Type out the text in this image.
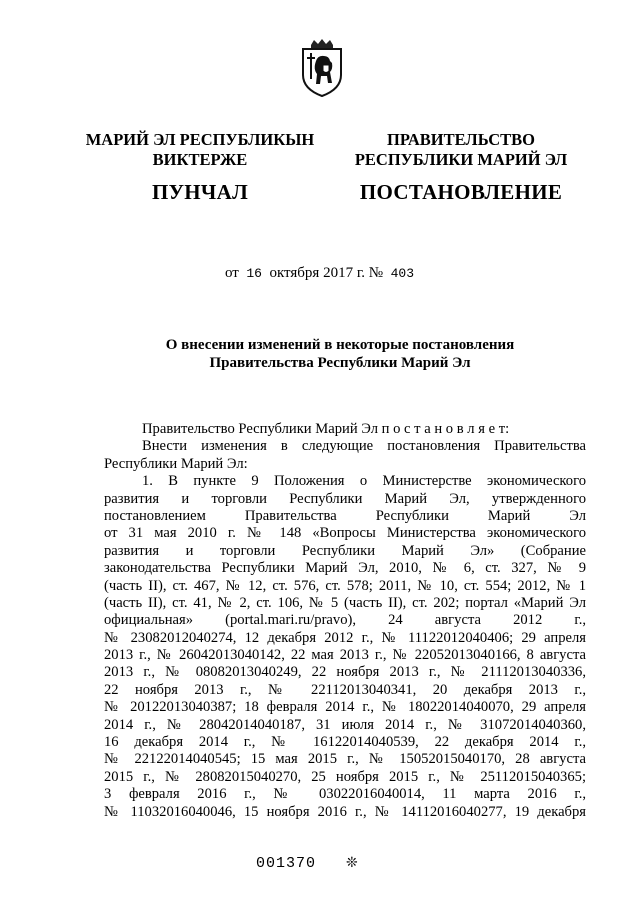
МАРИЙ ЭЛ РЕСПУБЛИКЫН
ВИКТЕРЖЕ
ПУНЧАЛ
ПРАВИТЕЛЬСТВО
РЕСПУБЛИКИ МАРИЙ ЭЛ
ПОСТАНОВЛЕНИЕ
от 16 октября 2017 г. № 403
О внесении изменений в некоторые постановления
Правительства Республики Марий Эл
Правительство Республики Марий Эл п о с т а н о в л я е т:
Внести изменения в следующие постановления Правительства
Республики Марий Эл:
1. В пункте 9 Положения о Министерстве экономического
развития и торговли Республики Марий Эл, утвержденного
постановлением Правительства Республики Марий Эл
от 31 мая 2010 г. № 148 «Вопросы Министерства экономического
развития и торговли Республики Марий Эл» (Собрание
законодательства Республики Марий Эл, 2010, № 6, ст. 327, № 9
(часть II), ст. 467, № 12, ст. 576, ст. 578; 2011, № 10, ст. 554; 2012, № 1
(часть II), ст. 41, № 2, ст. 106, № 5 (часть II), ст. 202; портал «Марий Эл
официальная» (portal.mari.ru/pravo), 24 августа 2012 г.,
№ 23082012040274, 12 декабря 2012 г., № 11122012040406; 29 апреля
2013 г., № 26042013040142, 22 мая 2013 г., № 22052013040166, 8 августа
2013 г., № 08082013040249, 22 ноября 2013 г., № 21112013040336,
22 ноября 2013 г., № 22112013040341, 20 декабря 2013 г.,
№ 20122013040387; 18 февраля 2014 г., № 18022014040070, 29 апреля
2014 г., № 28042014040187, 31 июля 2014 г., № 31072014040360,
16 декабря 2014 г., № 16122014040539, 22 декабря 2014 г.,
№ 22122014040545; 15 мая 2015 г., № 15052015040170, 28 августа
2015 г., № 28082015040270, 25 ноября 2015 г., № 25112015040365;
3 февраля 2016 г., № 03022016040014, 11 марта 2016 г.,
№ 11032016040046, 15 ноября 2016 г., № 14112016040277, 19 декабря
001370 ❊
